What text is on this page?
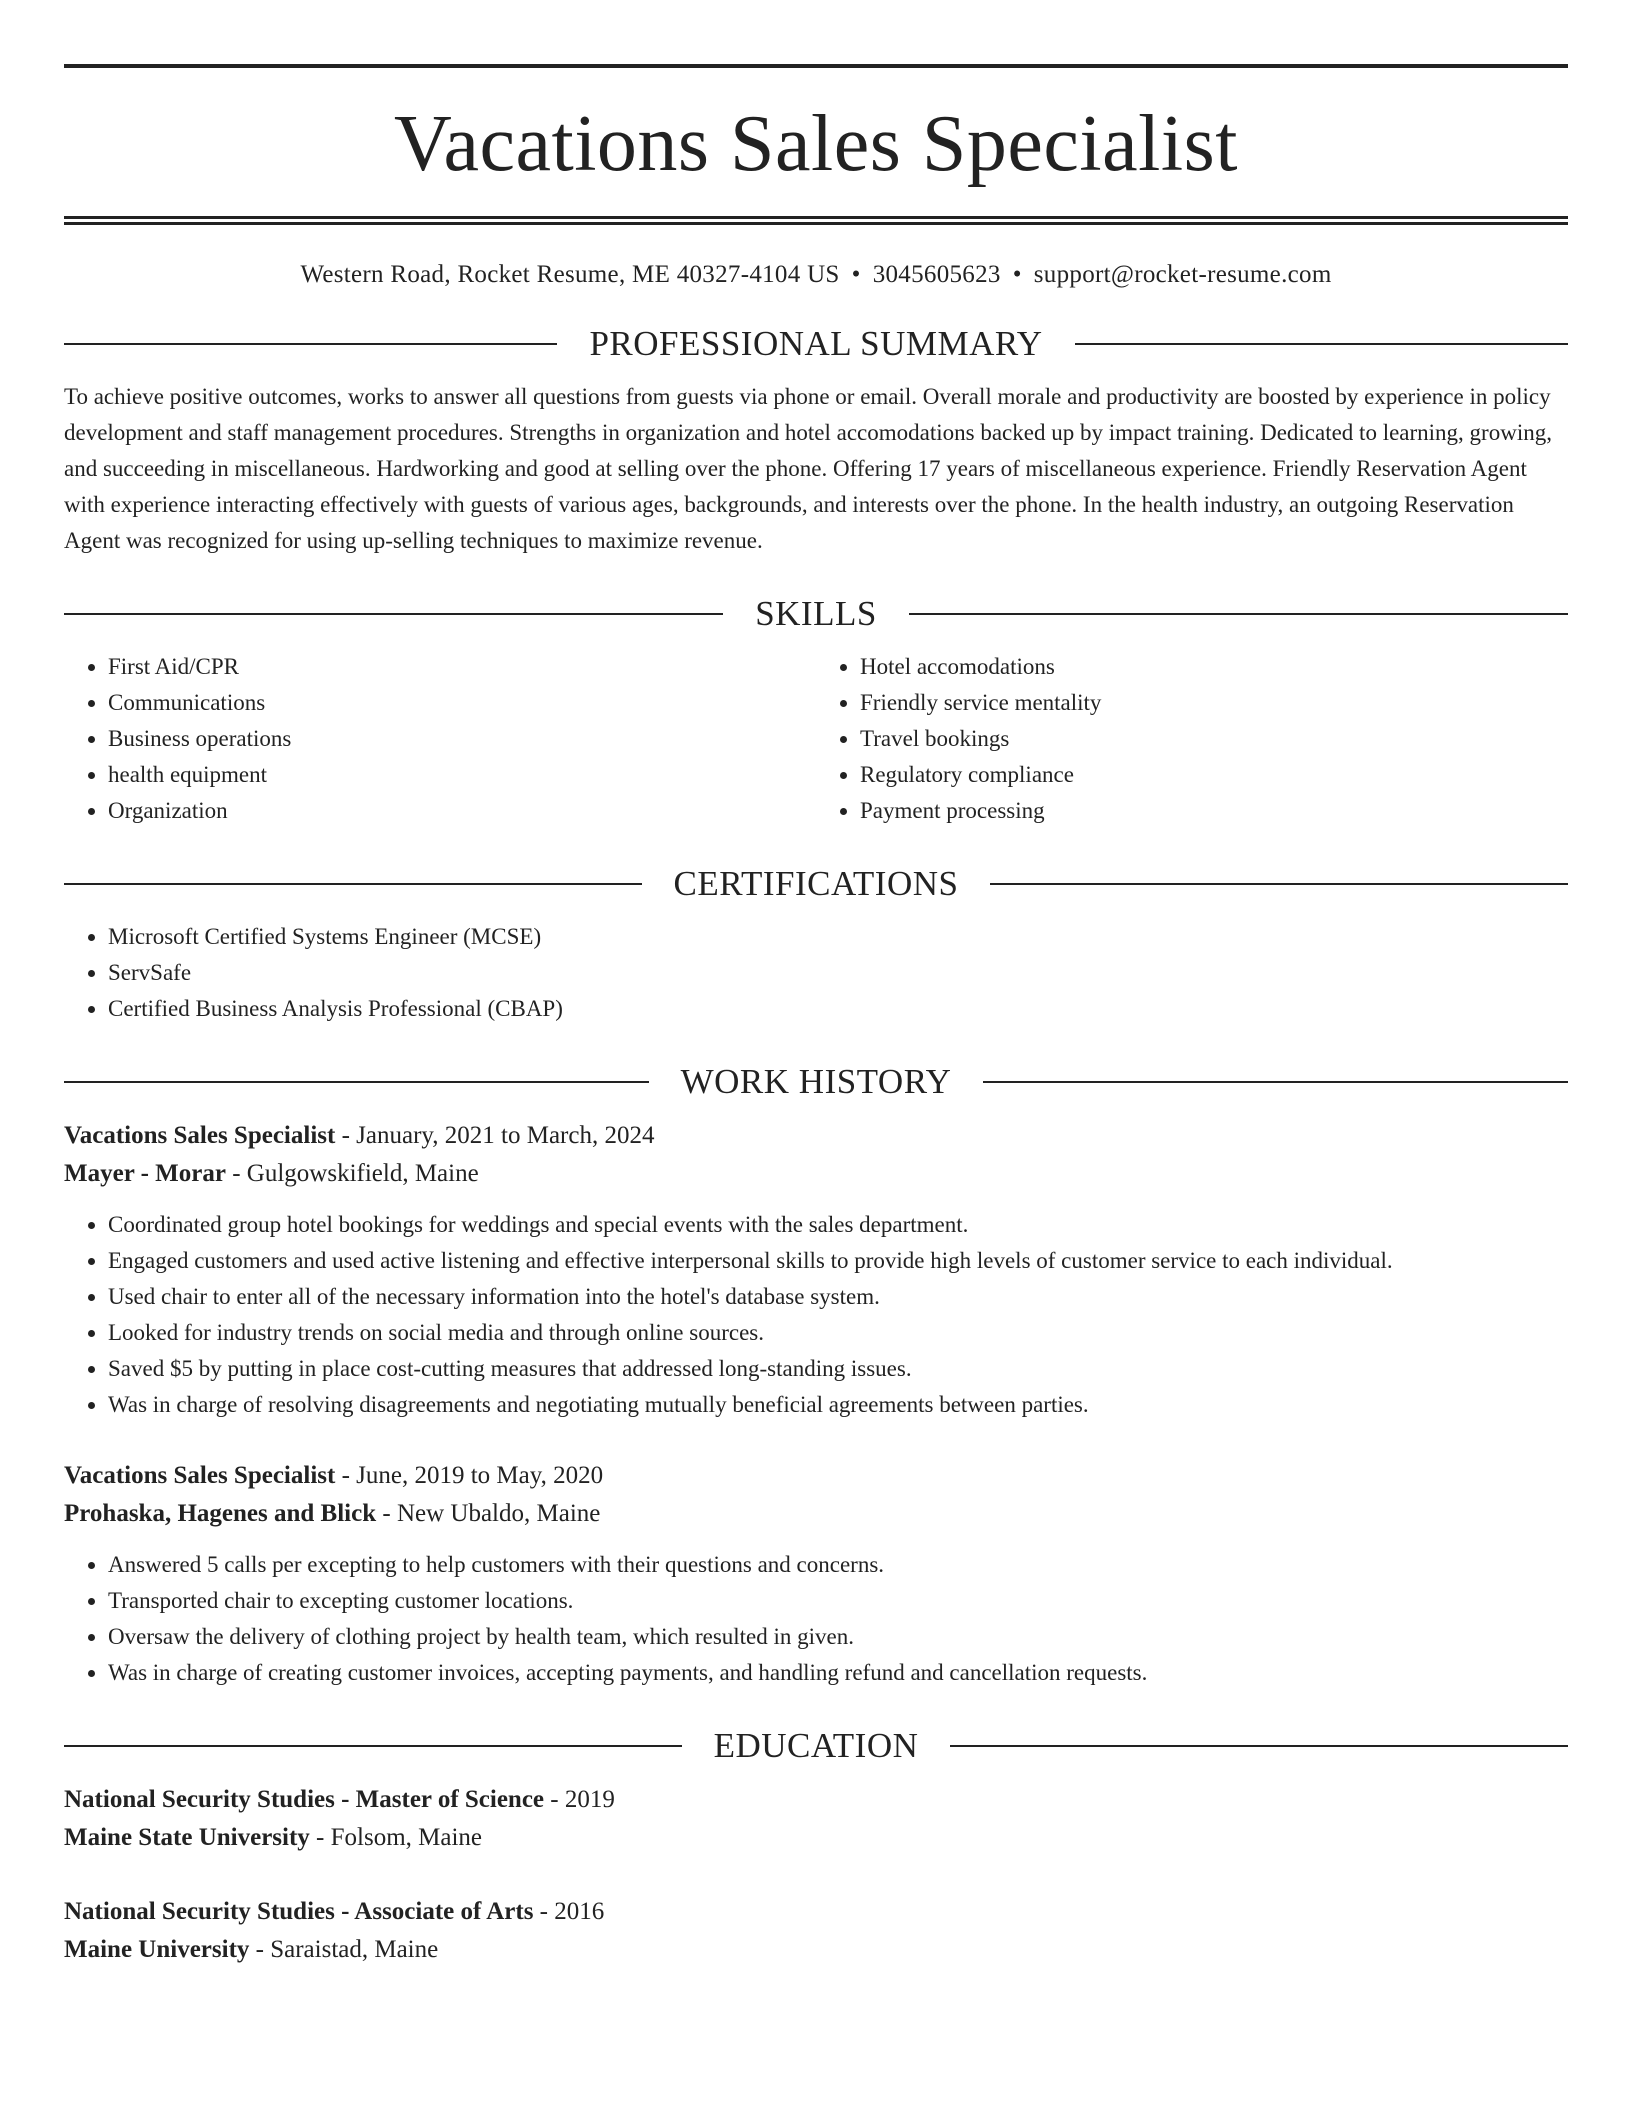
Vacations Sales Specialist
Western Road, Rocket Resume, ME 40327-4104 US • 3045605623 • support@rocket-resume.com
PROFESSIONAL SUMMARY

To achieve positive outcomes, works to answer all questions from guests via phone or email. Overall morale and productivity are boosted by experience in policy development and staff management procedures. Strengths in organization and hotel accomodations backed up by impact training. Dedicated to learning, growing, and succeeding in miscellaneous. Hardworking and good at selling over the phone. Offering 17 years of miscellaneous experience. Friendly Reservation Agent with experience interacting effectively with guests of various ages, backgrounds, and interests over the phone. In the health industry, an outgoing Reservation Agent was recognized for using up-selling techniques to maximize revenue.

SKILLS
• First Aid/CPR
• Communications
• Business operations
• health equipment
• Organization
• Hotel accomodations
• Friendly service mentality
• Travel bookings
• Regulatory compliance
• Payment processing
CERTIFICATIONS
• Microsoft Certified Systems Engineer (MCSE)
• ServSafe
• Certified Business Analysis Professional (CBAP)
WORK HISTORY
Vacations Sales Specialist - January, 2021 to March, 2024
Mayer - Morar - Gulgowskifield, Maine
• Coordinated group hotel bookings for weddings and special events with the sales department.
• Engaged customers and used active listening and effective interpersonal skills to provide high levels of customer service to each individual.
• Used chair to enter all of the necessary information into the hotel's database system.
• Looked for industry trends on social media and through online sources.
• Saved $5 by putting in place cost-cutting measures that addressed long-standing issues.
• Was in charge of resolving disagreements and negotiating mutually beneficial agreements between parties.
Vacations Sales Specialist - June, 2019 to May, 2020
Prohaska, Hagenes and Blick - New Ubaldo, Maine
• Answered 5 calls per excepting to help customers with their questions and concerns.
• Transported chair to excepting customer locations.
• Oversaw the delivery of clothing project by health team, which resulted in given.
• Was in charge of creating customer invoices, accepting payments, and handling refund and cancellation requests.
EDUCATION
National Security Studies - Master of Science - 2019
Maine State University - Folsom, Maine
National Security Studies - Associate of Arts - 2016
Maine University - Saraistad, Maine
